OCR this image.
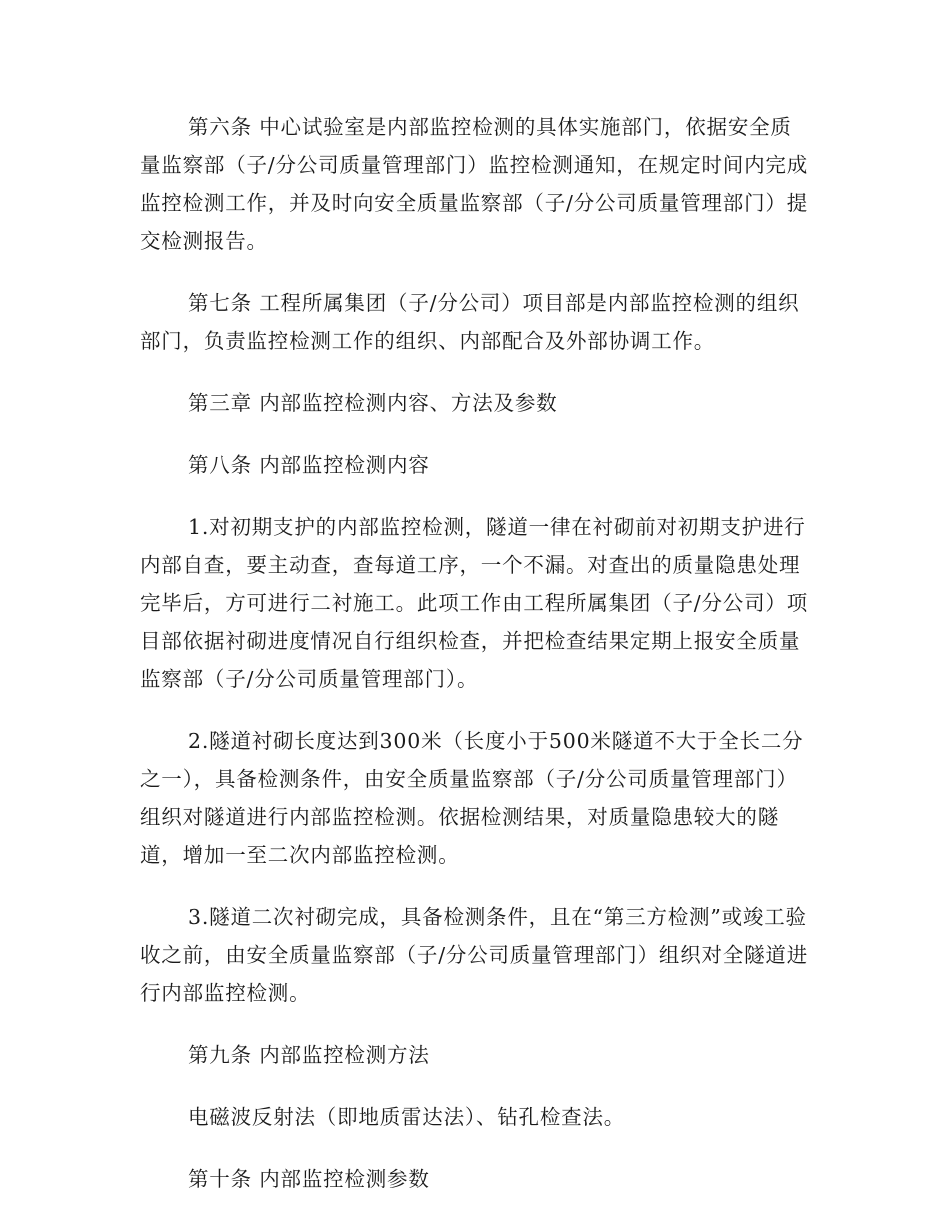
第六条 中心试验室是内部监控检测的具体实施部门，依据安全质量监察部（子/分公司质量管理部门）监控检测通知，在规定时间内完成监控检测工作，并及时向安全质量监察部（子/分公司质量管理部门）提交检测报告。

第七条 工程所属集团（子/分公司）项目部是内部监控检测的组织部门，负责监控检测工作的组织、内部配合及外部协调工作。

第三章 内部监控检测内容、方法及参数

第八条 内部监控检测内容

1.对初期支护的内部监控检测，隧道一律在衬砌前对初期支护进行内部自查，要主动查，查每道工序，一个不漏。对查出的质量隐患处理完毕后，方可进行二衬施工。此项工作由工程所属集团（子/分公司）项目部依据衬砌进度情况自行组织检查，并把检查结果定期上报安全质量监察部（子/分公司质量管理部门）。

2.隧道衬砌长度达到300米（长度小于500米隧道不大于全长二分之一），具备检测条件，由安全质量监察部（子/分公司质量管理部门）组织对隧道进行内部监控检测。依据检测结果，对质量隐患较大的隧道，增加一至二次内部监控检测。

3.隧道二次衬砌完成，具备检测条件，且在“第三方检测”或竣工验收之前，由安全质量监察部（子/分公司质量管理部门）组织对全隧道进行内部监控检测。

第九条 内部监控检测方法

电磁波反射法（即地质雷达法）、钻孔检查法。

第十条 内部监控检测参数
